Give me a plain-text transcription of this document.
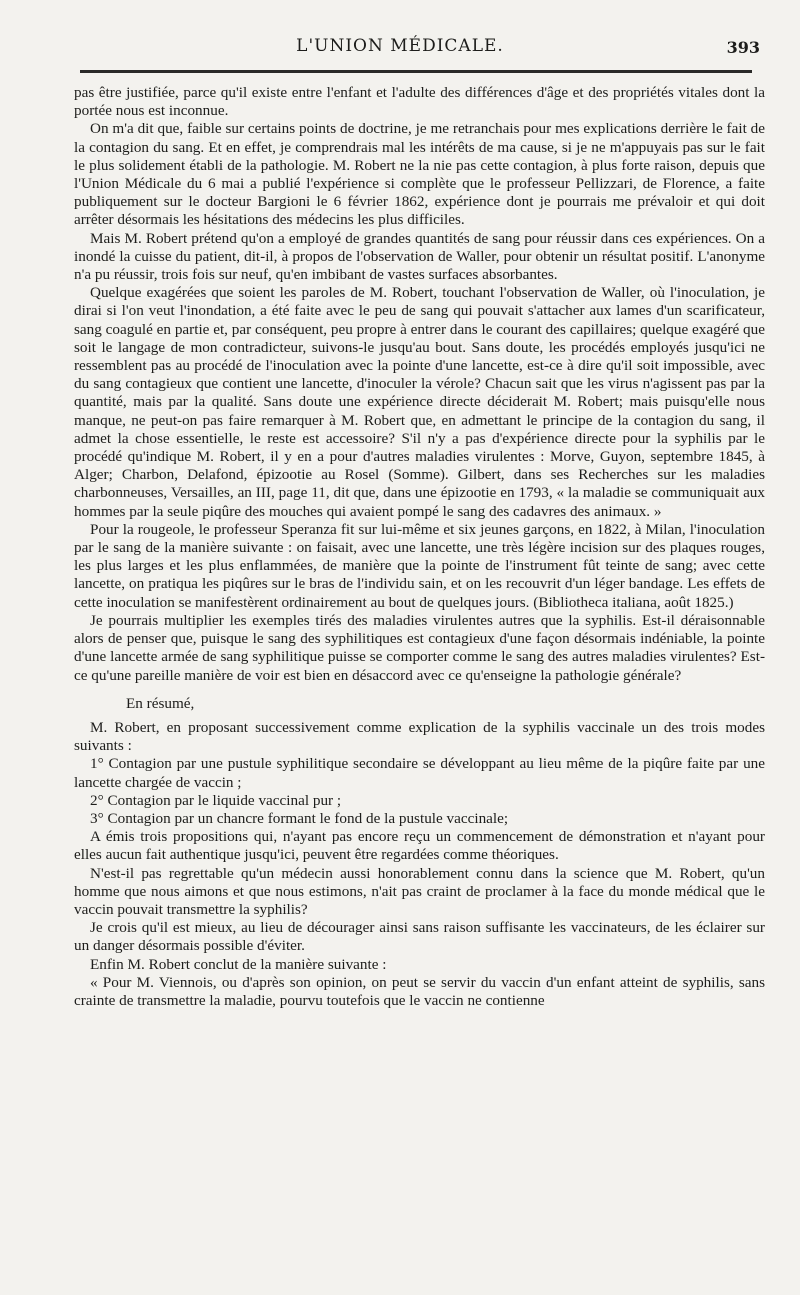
L'UNION MÉDICALE.	393

pas être justifiée, parce qu'il existe entre l'enfant et l'adulte des différences d'âge et des propriétés vitales dont la portée nous est inconnue.

On m'a dit que, faible sur certains points de doctrine, je me retranchais pour mes explications derrière le fait de la contagion du sang. Et en effet, je comprendrais mal les intérêts de ma cause, si je ne m'appuyais pas sur le fait le plus solidement établi de la pathologie. M. Robert ne la nie pas cette contagion, à plus forte raison, depuis que l'Union Médicale du 6 mai a publié l'expérience si complète que le professeur Pellizzari, de Florence, a faite publiquement sur le docteur Bargioni le 6 février 1862, expérience dont je pourrais me prévaloir et qui doit arrêter désormais les hésitations des médecins les plus difficiles.

Mais M. Robert prétend qu'on a employé de grandes quantités de sang pour réussir dans ces expériences. On a inondé la cuisse du patient, dit-il, à propos de l'observation de Waller, pour obtenir un résultat positif. L'anonyme n'a pu réussir, trois fois sur neuf, qu'en imbibant de vastes surfaces absorbantes.

Quelque exagérées que soient les paroles de M. Robert, touchant l'observation de Waller, où l'inoculation, je dirai si l'on veut l'inondation, a été faite avec le peu de sang qui pouvait s'attacher aux lames d'un scarificateur, sang coagulé en partie et, par conséquent, peu propre à entrer dans le courant des capillaires; quelque exagéré que soit le langage de mon contradicteur, suivons-le jusqu'au bout. Sans doute, les procédés employés jusqu'ici ne ressemblent pas au procédé de l'inoculation avec la pointe d'une lancette, est-ce à dire qu'il soit impossible, avec du sang contagieux que contient une lancette, d'inoculer la vérole? Chacun sait que les virus n'agissent pas par la quantité, mais par la qualité. Sans doute une expérience directe déciderait M. Robert; mais puisqu'elle nous manque, ne peut-on pas faire remarquer à M. Robert que, en admettant le principe de la contagion du sang, il admet la chose essentielle, le reste est accessoire? S'il n'y a pas d'expérience directe pour la syphilis par le procédé qu'indique M. Robert, il y en a pour d'autres maladies virulentes : Morve, Guyon, septembre 1845, à Alger; Charbon, Delafond, épizootie au Rosel (Somme). Gilbert, dans ses Recherches sur les maladies charbonneuses, Versailles, an III, page 11, dit que, dans une épizootie en 1793, « la maladie se communiquait aux hommes par la seule piqûre des mouches qui avaient pompé le sang des cadavres des animaux. »

Pour la rougeole, le professeur Speranza fit sur lui-même et six jeunes garçons, en 1822, à Milan, l'inoculation par le sang de la manière suivante : on faisait, avec une lancette, une très légère incision sur des plaques rouges, les plus larges et les plus enflammées, de manière que la pointe de l'instrument fût teinte de sang; avec cette lancette, on pratiqua les piqûres sur le bras de l'individu sain, et on les recouvrit d'un léger bandage. Les effets de cette inoculation se manifestèrent ordinairement au bout de quelques jours. (Bibliotheca italiana, août 1825.)

Je pourrais multiplier les exemples tirés des maladies virulentes autres que la syphilis. Est-il déraisonnable alors de penser que, puisque le sang des syphilitiques est contagieux d'une façon désormais indéniable, la pointe d'une lancette armée de sang syphilitique puisse se comporter comme le sang des autres maladies virulentes? Est-ce qu'une pareille manière de voir est bien en désaccord avec ce qu'enseigne la pathologie générale?

En résumé,

M. Robert, en proposant successivement comme explication de la syphilis vaccinale un des trois modes suivants :

1° Contagion par une pustule syphilitique secondaire se développant au lieu même de la piqûre faite par une lancette chargée de vaccin ;

2° Contagion par le liquide vaccinal pur ;

3° Contagion par un chancre formant le fond de la pustule vaccinale;

A émis trois propositions qui, n'ayant pas encore reçu un commencement de démonstration et n'ayant pour elles aucun fait authentique jusqu'ici, peuvent être regardées comme théoriques.

N'est-il pas regrettable qu'un médecin aussi honorablement connu dans la science que M. Robert, qu'un homme que nous aimons et que nous estimons, n'ait pas craint de proclamer à la face du monde médical que le vaccin pouvait transmettre la syphilis?

Je crois qu'il est mieux, au lieu de décourager ainsi sans raison suffisante les vaccinateurs, de les éclairer sur un danger désormais possible d'éviter.

Enfin M. Robert conclut de la manière suivante :

« Pour M. Viennois, ou d'après son opinion, on peut se servir du vaccin d'un enfant atteint de syphilis, sans crainte de transmettre la maladie, pourvu toutefois que le vaccin ne contienne
